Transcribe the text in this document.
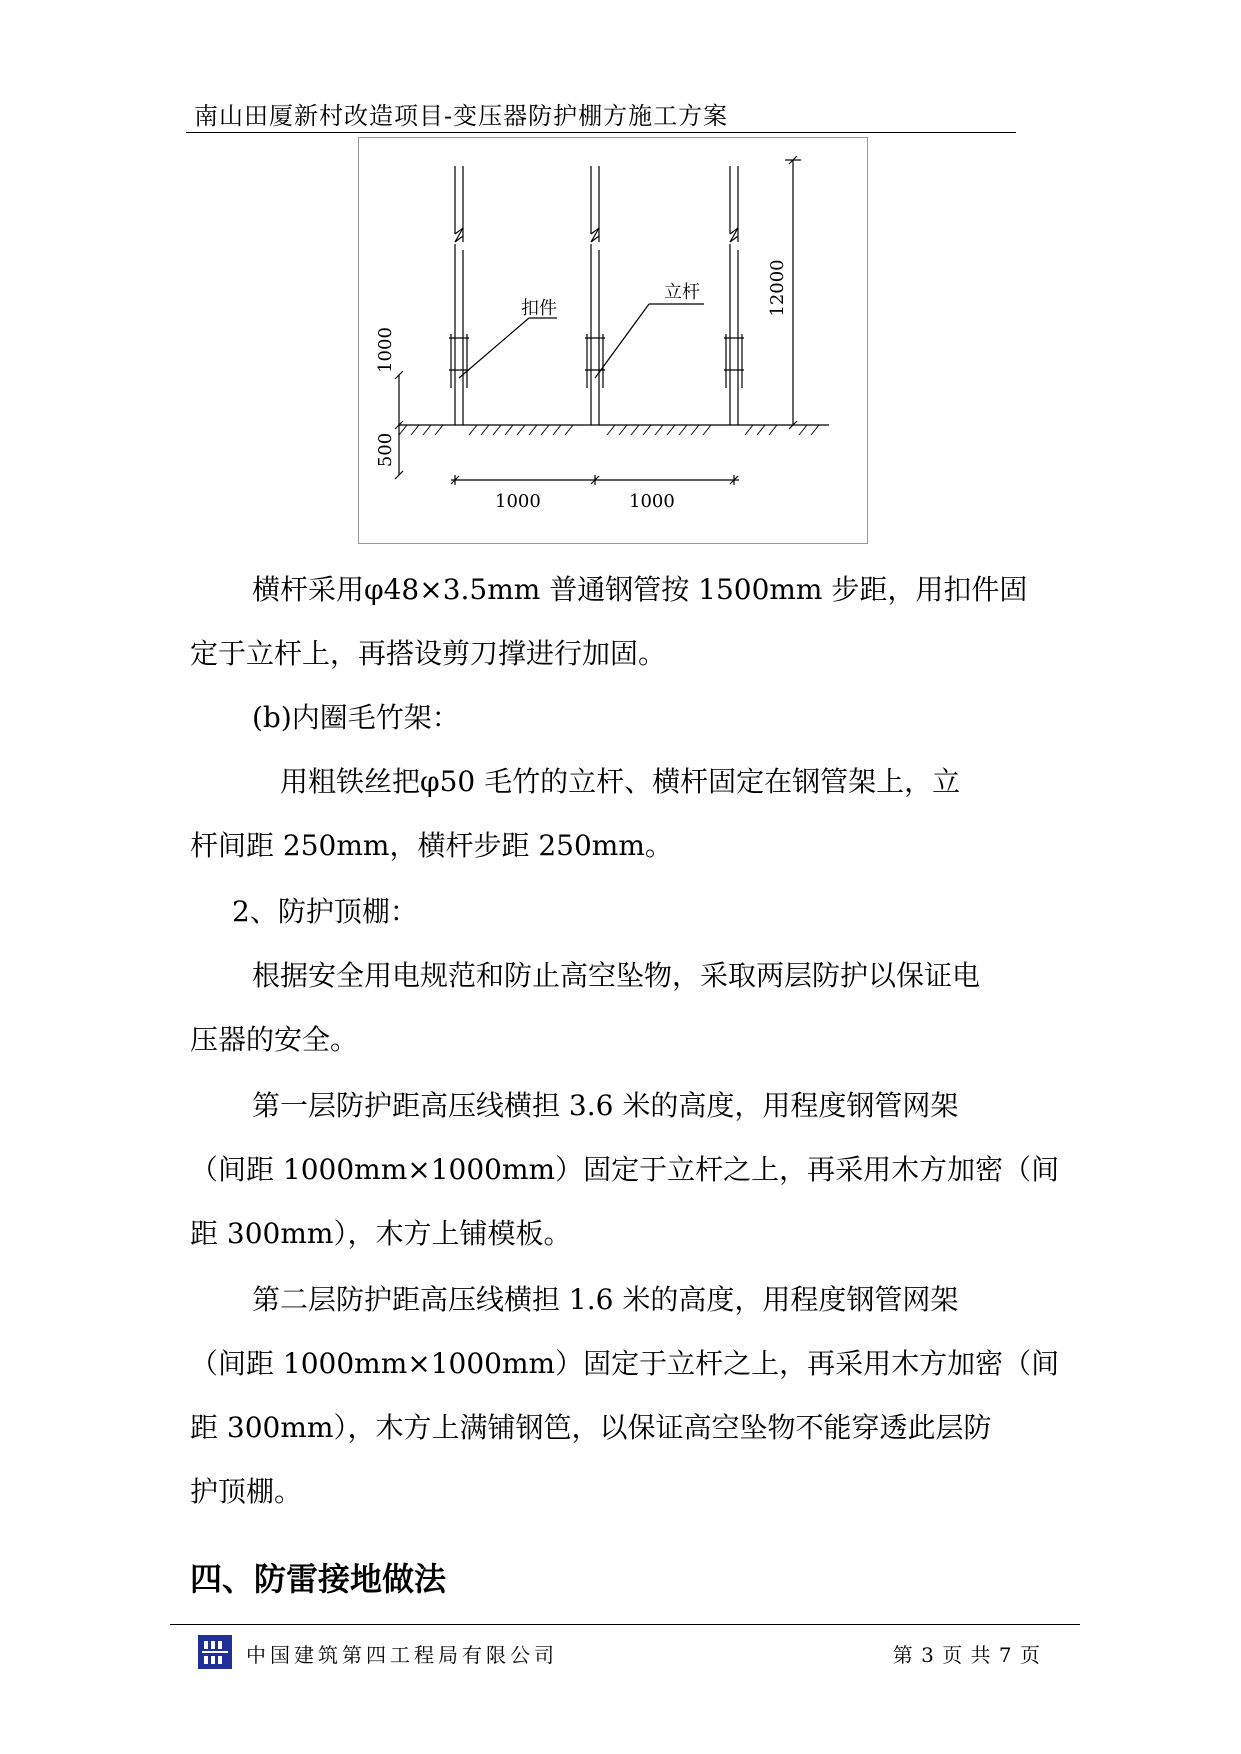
南山田厦新村改造项目-变压器防护棚方施工方案
扣件
立杆
1000	1000
12000
1000
500
横杆采用φ48×3.5mm 普通钢管按 1500mm 步距，用扣件固
定于立杆上，再搭设剪刀撑进行加固。
(b)内圈毛竹架：
用粗铁丝把φ50 毛竹的立杆、横杆固定在钢管架上，立
杆间距 250mm，横杆步距 250mm。
2、防护顶棚：
根据安全用电规范和防止高空坠物，采取两层防护以保证电
压器的安全。
第一层防护距高压线横担 3.6 米的高度，用程度钢管网架
（间距 1000mm×1000mm）固定于立杆之上，再采用木方加密（间
距 300mm），木方上铺模板。
第二层防护距高压线横担 1.6 米的高度，用程度钢管网架
（间距 1000mm×1000mm）固定于立杆之上，再采用木方加密（间
距 300mm），木方上满铺钢笆，以保证高空坠物不能穿透此层防
护顶棚。
四、防雷接地做法
中国建筑第四工程局有限公司	第 3 页 共 7 页
